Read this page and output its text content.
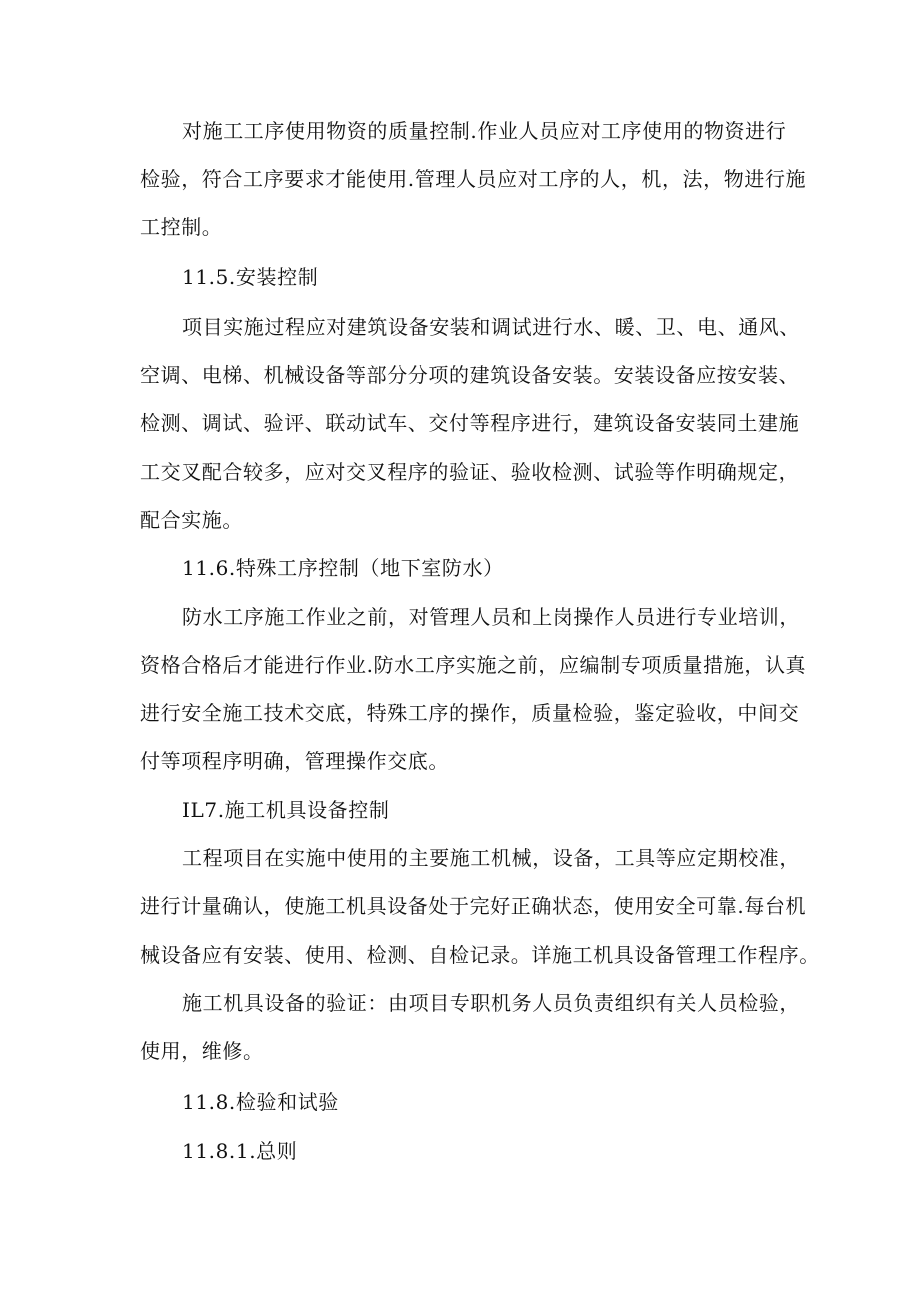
对施工工序使用物资的质量控制.作业人员应对工序使用的物资进行
检验，符合工序要求才能使用.管理人员应对工序的人，机，法，物进行施
工控制。
11.5.安装控制
项目实施过程应对建筑设备安装和调试进行水、暖、卫、电、通风、
空调、电梯、机械设备等部分分项的建筑设备安装。安装设备应按安装、
检测、调试、验评、联动试车、交付等程序进行，建筑设备安装同土建施
工交叉配合较多，应对交叉程序的验证、验收检测、试验等作明确规定，
配合实施。
11.6.特殊工序控制（地下室防水）
防水工序施工作业之前，对管理人员和上岗操作人员进行专业培训，
资格合格后才能进行作业.防水工序实施之前，应编制专项质量措施，认真
进行安全施工技术交底，特殊工序的操作，质量检验，鉴定验收，中间交
付等项程序明确，管理操作交底。
IL7.施工机具设备控制
工程项目在实施中使用的主要施工机械，设备，工具等应定期校准，
进行计量确认，使施工机具设备处于完好正确状态，使用安全可靠.每台机
械设备应有安装、使用、检测、自检记录。详施工机具设备管理工作程序。
施工机具设备的验证：由项目专职机务人员负责组织有关人员检验，
使用，维修。
11.8.检验和试验
11.8.1.总则
